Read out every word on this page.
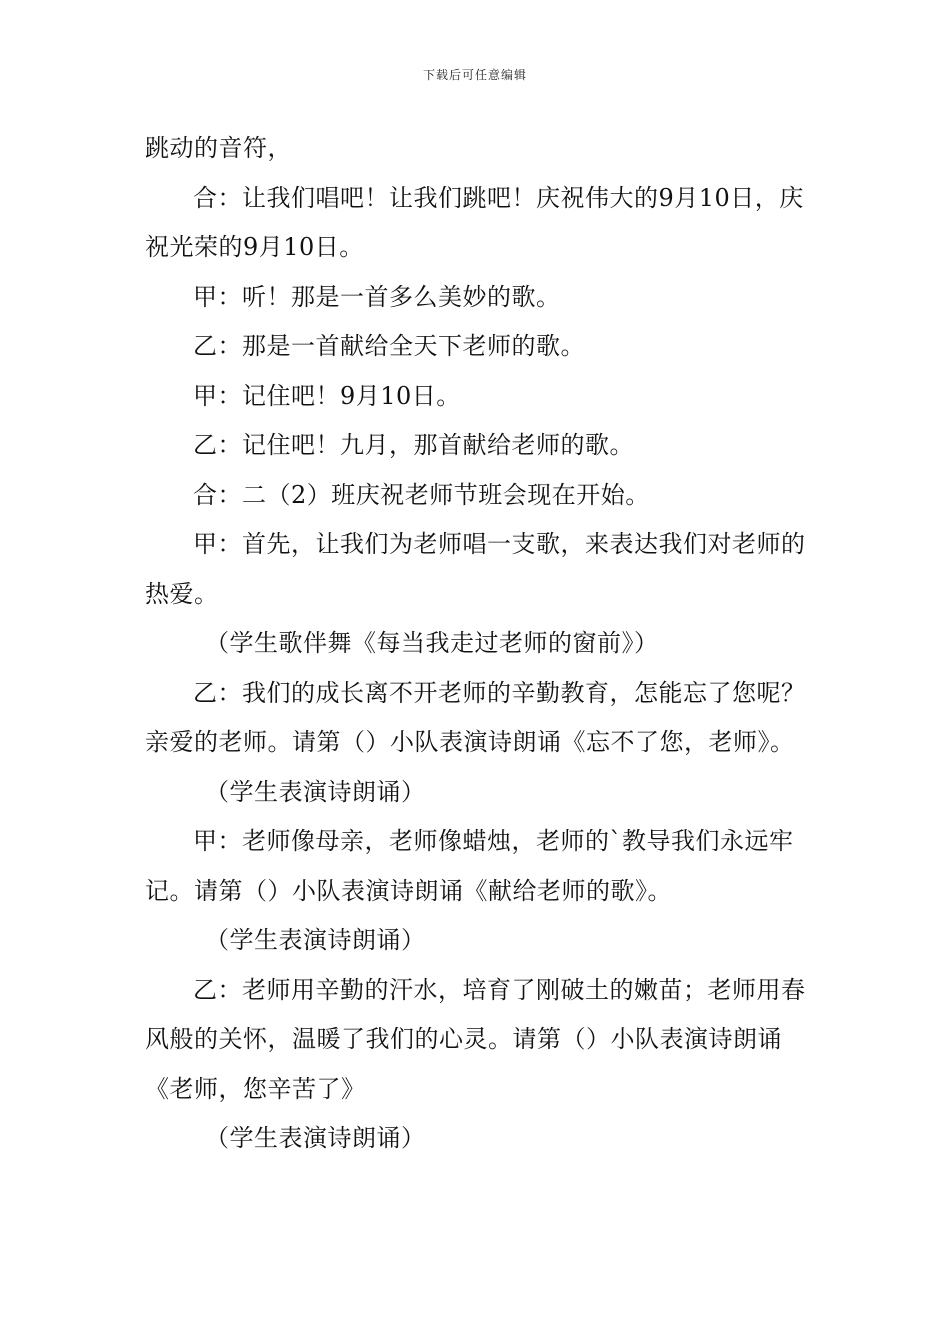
下载后可任意编辑

跳动的音符，

合：让我们唱吧！让我们跳吧！庆祝伟大的9月10日，庆祝光荣的9月10日。

甲：听！那是一首多么美妙的歌。

乙：那是一首献给全天下老师的歌。

甲：记住吧！9月10日。

乙：记住吧！九月，那首献给老师的歌。

合：二（2）班庆祝老师节班会现在开始。

甲：首先，让我们为老师唱一支歌，来表达我们对老师的热爱。

（学生歌伴舞《每当我走过老师的窗前》）

乙：我们的成长离不开老师的辛勤教育，怎能忘了您呢？亲爱的老师。请第（）小队表演诗朗诵《忘不了您，老师》。

（学生表演诗朗诵）

甲：老师像母亲，老师像蜡烛，老师的`教导我们永远牢记。请第（）小队表演诗朗诵《献给老师的歌》。

（学生表演诗朗诵）

乙：老师用辛勤的汗水，培育了刚破土的嫩苗；老师用春风般的关怀，温暖了我们的心灵。请第（）小队表演诗朗诵《老师，您辛苦了》

（学生表演诗朗诵）
